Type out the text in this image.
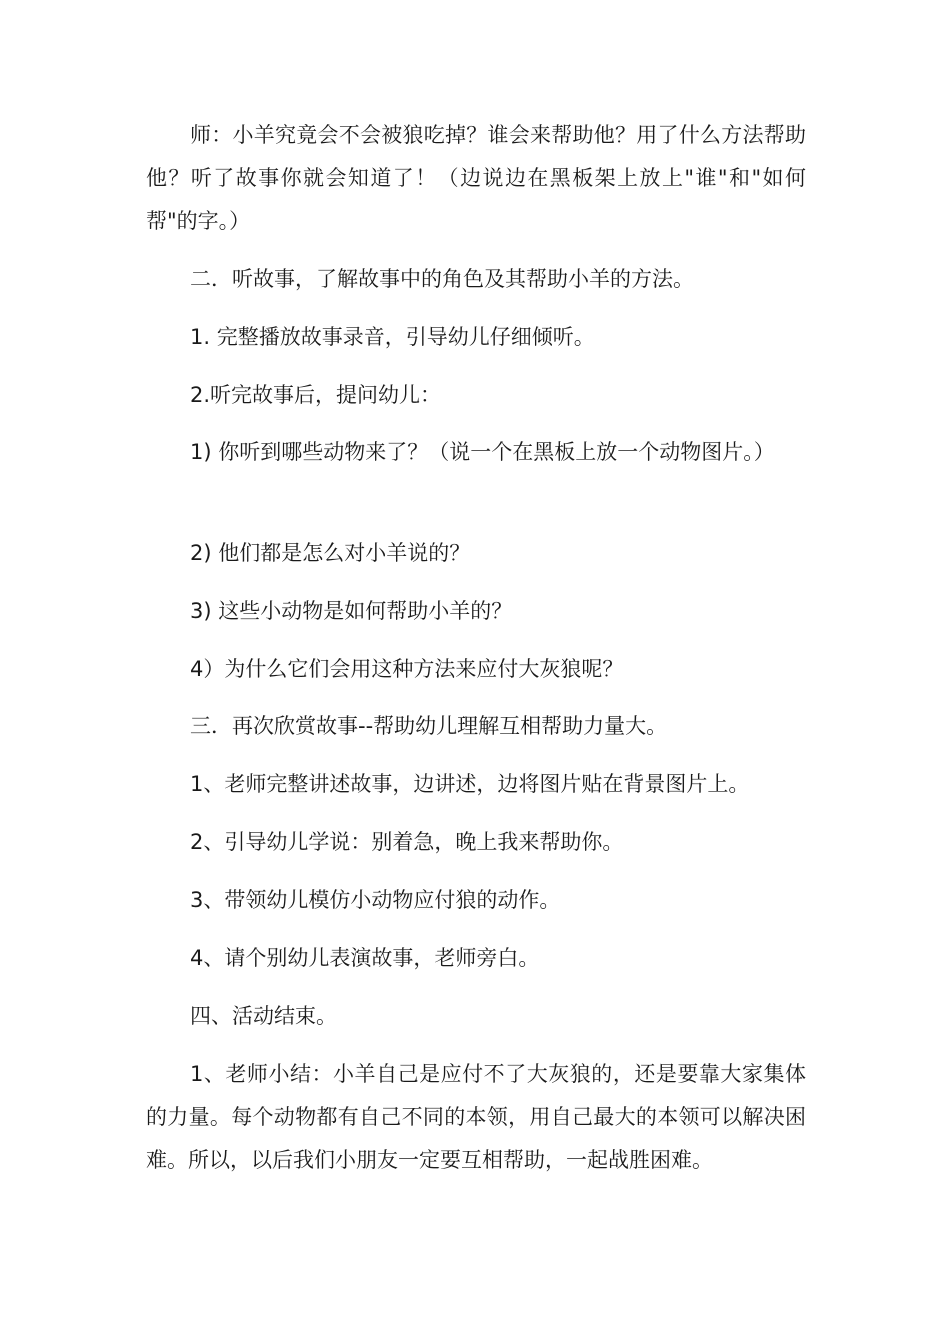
师：小羊究竟会不会被狼吃掉？谁会来帮助他？用了什么方法帮助他？听了故事你就会知道了！（边说边在黑板架上放上"谁"和"如何帮"的字。）

二．听故事，了解故事中的角色及其帮助小羊的方法。

1. 完整播放故事录音，引导幼儿仔细倾听。

2.听完故事后，提问幼儿：

1) 你听到哪些动物来了？（说一个在黑板上放一个动物图片。）

2) 他们都是怎么对小羊说的？

3) 这些小动物是如何帮助小羊的？

4）为什么它们会用这种方法来应付大灰狼呢？

三．再次欣赏故事--帮助幼儿理解互相帮助力量大。

1、老师完整讲述故事，边讲述，边将图片贴在背景图片上。

2、引导幼儿学说：别着急，晚上我来帮助你。

3、带领幼儿模仿小动物应付狼的动作。

4、请个别幼儿表演故事，老师旁白。

四、活动结束。

1、老师小结：小羊自己是应付不了大灰狼的，还是要靠大家集体的力量。每个动物都有自己不同的本领，用自己最大的本领可以解决困难。所以，以后我们小朋友一定要互相帮助，一起战胜困难。
